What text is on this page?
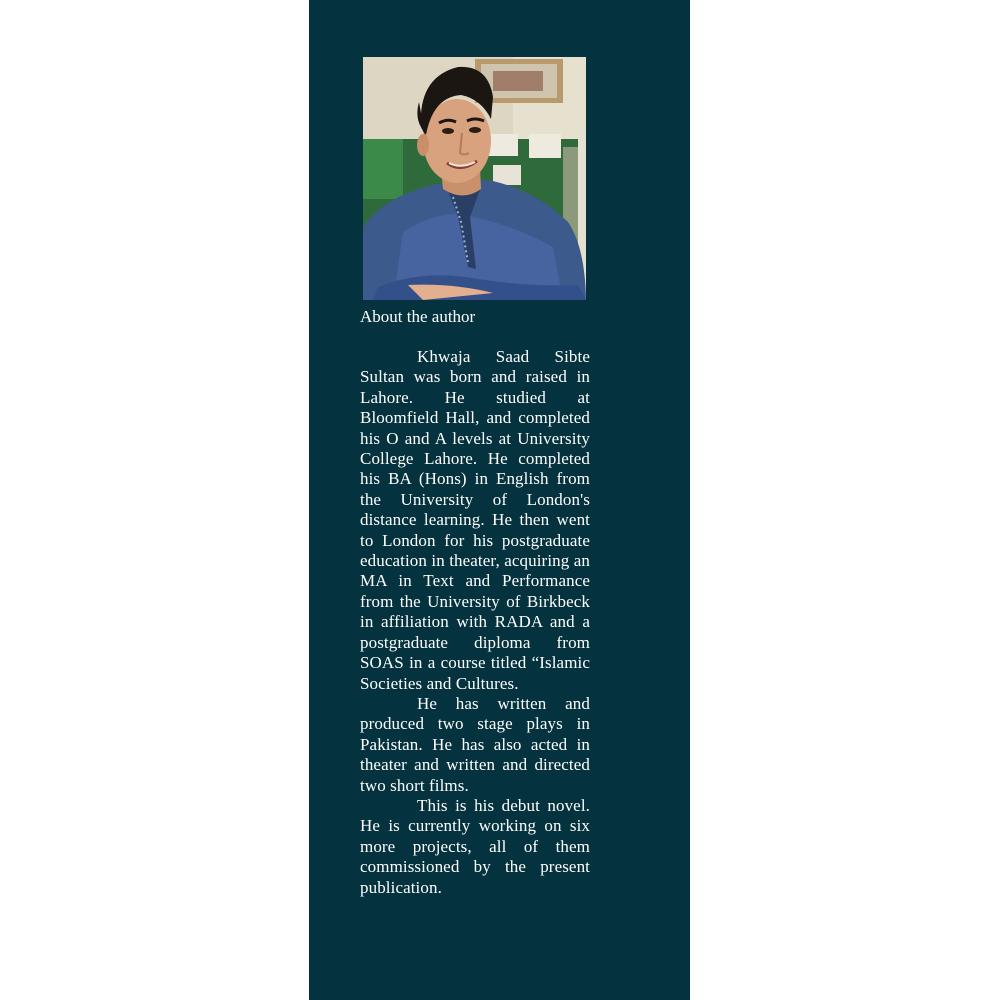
About the author

Khwaja Saad Sibte Sultan was born and raised in Lahore. He studied at Bloomfield Hall, and completed his O and A levels at University College Lahore. He completed his BA (Hons) in English from the University of London's distance learning. He then went to London for his postgraduate education in theater, acquiring an MA in Text and Performance from the University of Birkbeck in affiliation with RADA and a postgraduate diploma from SOAS in a course titled “Islamic Societies and Cultures.

He has written and produced two stage plays in Pakistan. He has also acted in theater and written and directed two short films.

This is his debut novel. He is currently working on six more projects, all of them commissioned by the present publication.
